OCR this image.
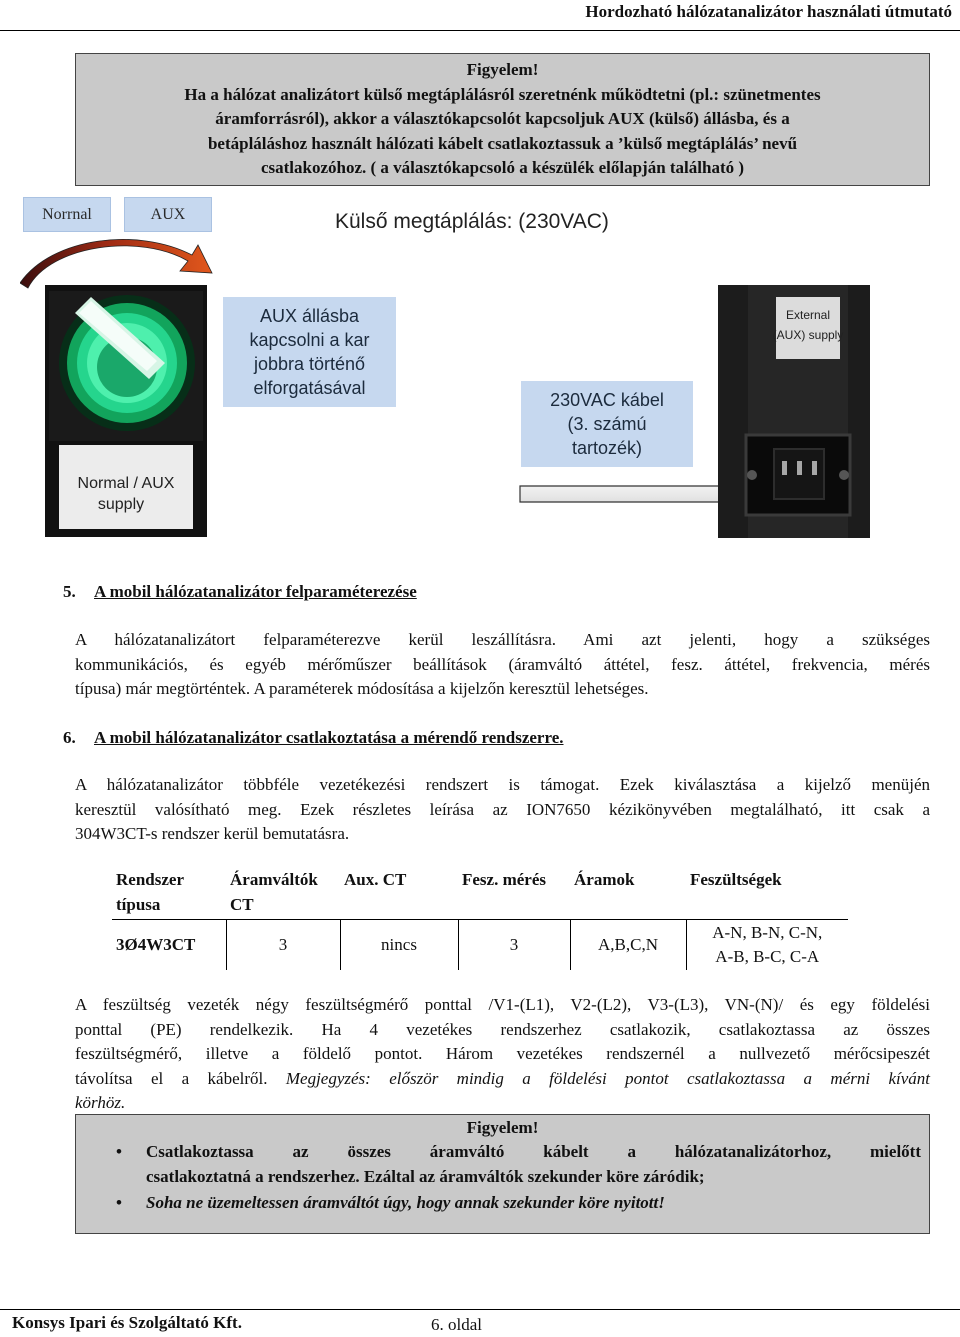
Hordozható hálózatanalizátor használati útmutató
Figyelem!
Ha a hálózat analizátort külső megtáplálásról szeretnénk működtetni (pl.: szünetmentes
áramforrásról), akkor a választókapcsolót kapcsoljuk AUX (külső) állásba, és a
betápláláshoz használt hálózati kábelt csatlakoztassuk a ’külső megtáplálás’ nevű
csatlakozóhoz. ( a választókapcsoló a készülék előlapján található )
Norrnal	AUX	Külső megtáplálás: (230VAC)
Normal / AUX
supply
AUX állásba
kapcsolni a kar
jobbra történő
elforgatásával
230VAC kábel
(3. számú
tartozék)
External
(AUX) supply
5. A mobil hálózatanalizátor felparaméterezése
A hálózatanalizátort felparaméterezve kerül leszállításra. Ami azt jelenti, hogy a szükséges
kommunikációs, és egyéb mérőműszer beállítások (áramváltó áttétel, fesz. áttétel, frekvencia, mérés
típusa) már megtörténtek. A paraméterek módosítása a kijelzőn keresztül lehetséges.
6. A mobil hálózatanalizátor csatlakoztatása a mérendő rendszerre.
A hálózatanalizátor többféle vezetékezési rendszert is támogat. Ezek kiválasztása a kijelző menüjén
keresztül valósítható meg. Ezek részletes leírása az ION7650 kézikönyvében megtalálható, itt csak a
304W3CT-s rendszer kerül bemutatásra.
Rendszer típusa	Áramváltók CT	Aux. CT	Fesz. mérés	Áramok	Feszültségek
3Ø4W3CT	3	nincs	3	A,B,C,N	A-N, B-N, C-N,
A-B, B-C, C-A
A feszültség vezeték négy feszültségmérő ponttal /V1-(L1), V2-(L2), V3-(L3), VN-(N)/ és egy földelési
ponttal (PE) rendelkezik. Ha 4 vezetékes rendszerhez csatlakozik, csatlakoztassa az összes
feszültségmérő, illetve a földelő pontot. Három vezetékes rendszernél a nullvezető mérőcsipeszét
távolítsa el a kábelről. Megjegyzés: először mindig a földelési pontot csatlakoztassa a mérni kívánt
körhöz.
Figyelem!
• Csatlakoztassa az összes áramváltó kábelt a hálózatanalizátorhoz, mielőtt
csatlakoztatná a rendszerhez. Ezáltal az áramváltók szekunder köre záródik;
• Soha ne üzemeltessen áramváltót úgy, hogy annak szekunder köre nyitott!
Konsys Ipari és Szolgáltató Kft.	6. oldal
